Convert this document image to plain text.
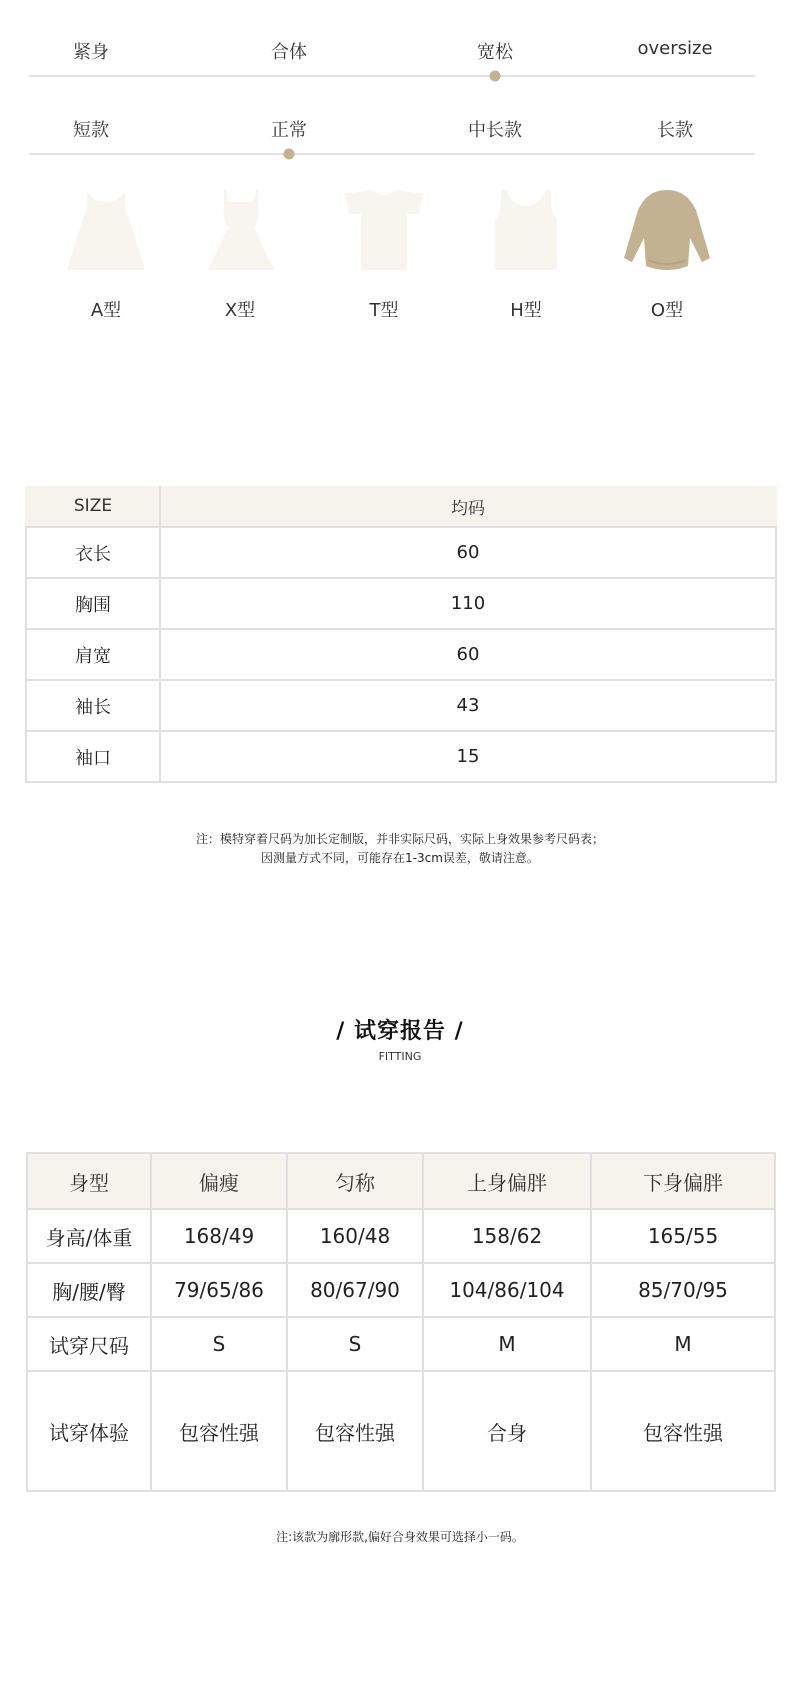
紧身	合体	宽松	oversize
短款	正常	中长款	长款
A型	X型	T型	H型	O型
SIZE	均码
衣长	60
胸围	110
肩宽	60
袖长	43
袖口	15
注：模特穿着尺码为加长定制版，并非实际尺码，实际上身效果参考尺码表；
因测量方式不同，可能存在1-3cm误差，敬请注意。
/ 试穿报告 /
FITTING
身型	偏瘦	匀称	上身偏胖	下身偏胖
身高/体重	168/49	160/48	158/62	165/55
胸/腰/臀	79/65/86	80/67/90	104/86/104	85/70/95
试穿尺码	S	S	M	M
试穿体验	包容性强	包容性强	合身	包容性强
注:该款为廓形款,偏好合身效果可选择小一码。
